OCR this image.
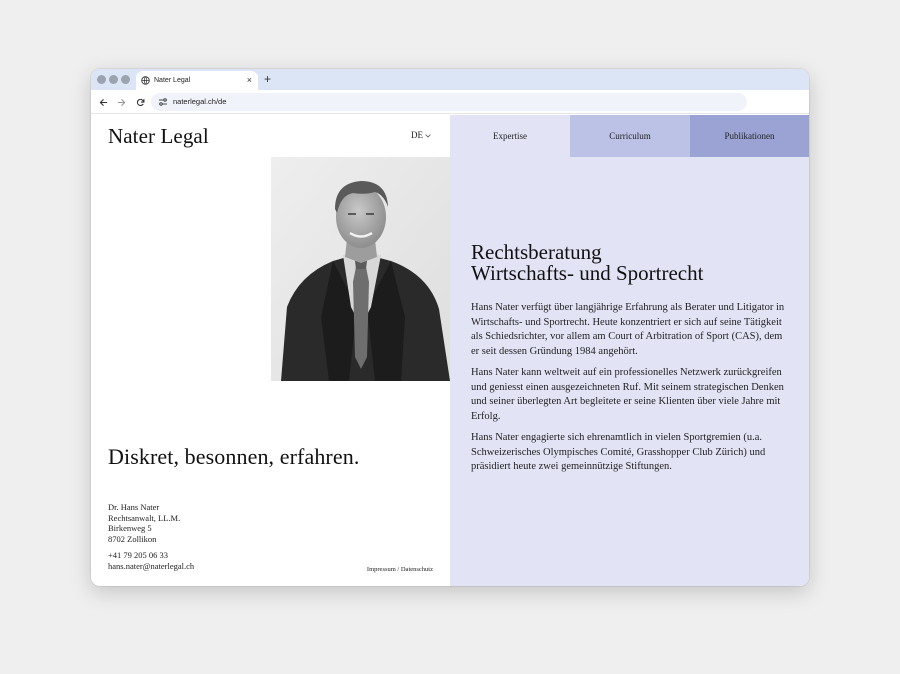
Nater Legal	× +
naterlegal.ch/de
Nater Legal	DE
Diskret, besonnen, erfahren.
Dr. Hans Nater
Rechtsanwalt, LL.M.
Birkenweg 5
8702 Zollikon
+41 79 205 06 33
hans.nater@naterlegal.ch	Impressum / Datenschutz
Expertise	Curriculum	Publikationen
Rechtsberatung
Wirtschafts- und Sportrecht

Hans Nater verfügt über langjährige Erfahrung als Berater und Litigator in Wirtschafts- und Sportrecht. Heute konzentriert er sich auf seine Tätigkeit als Schiedsrichter, vor allem am Court of Arbitration of Sport (CAS), dem er seit dessen Gründung 1984 angehört.

Hans Nater kann weltweit auf ein professionelles Netzwerk zurückgreifen und geniesst einen ausgezeichneten Ruf. Mit seinem strategischen Denken und seiner überlegten Art begleitete er seine Klienten über viele Jahre mit Erfolg.

Hans Nater engagierte sich ehrenamtlich in vielen Sportgremien (u.a. Schweizerisches Olympisches Comité, Grasshopper Club Zürich) und präsidiert heute zwei gemeinnützige Stiftungen.
